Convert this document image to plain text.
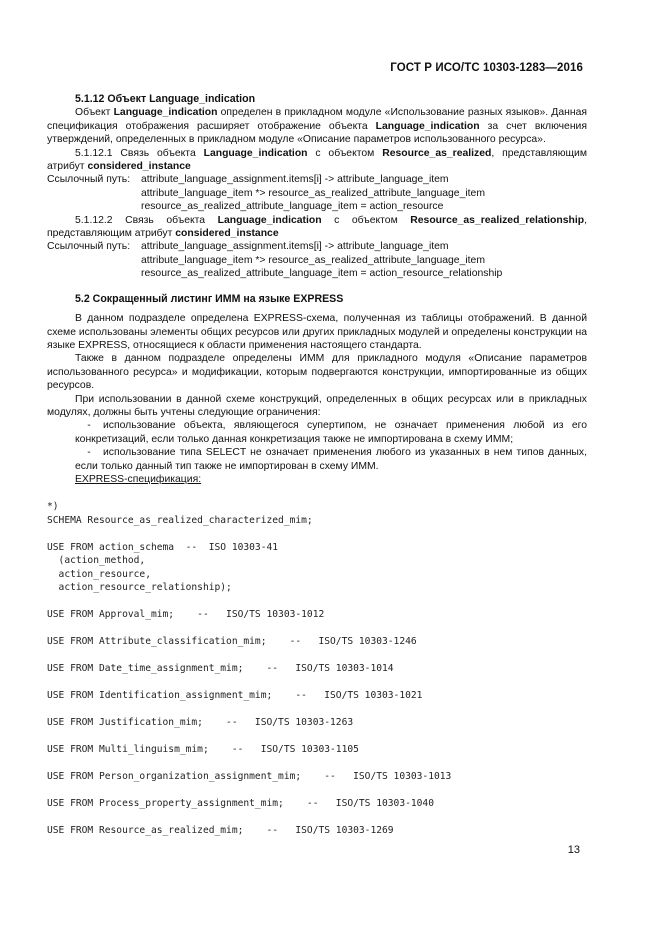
ГОСТ Р ИСО/ТС 10303-1283—2016

5.1.12 Объект Language_indication

Объект Language_indication определен в прикладном модуле «Использование разных языков». Данная спецификация отображения расширяет отображение объекта Language_indication за счет включения утверждений, определенных в прикладном модуле «Описание параметров использованного ресурса».

5.1.12.1 Связь объекта Language_indication с объектом Resource_as_realized, представляющим атрибут considered_instance

Ссылочный путь:	attribute_language_assignment.items[i] -> attribute_language_item
attribute_language_item *> resource_as_realized_attribute_language_item
resource_as_realized_attribute_language_item = action_resource

5.1.12.2 Связь объекта Language_indication с объектом Resource_as_realized_relationship, представляющим атрибут considered_instance

Ссылочный путь:	attribute_language_assignment.items[i] -> attribute_language_item
attribute_language_item *> resource_as_realized_attribute_language_item
resource_as_realized_attribute_language_item = action_resource_relationship

5.2 Сокращенный листинг ИММ на языке EXPRESS

В данном подразделе определена EXPRESS-схема, полученная из таблицы отображений. В данной схеме использованы элементы общих ресурсов или других прикладных модулей и определены конструкции на языке EXPRESS, относящиеся к области применения настоящего стандарта.

Также в данном подразделе определены ИММ для прикладного модуля «Описание параметров использованного ресурса» и модификации, которым подвергаются конструкции, импортированные из общих ресурсов.

При использовании в данной схеме конструкций, определенных в общих ресурсах или в прикладных модулях, должны быть учтены следующие ограничения:

- использование объекта, являющегося супертипом, не означает применения любой из его конкретизаций, если только данная конкретизация также не импортирована в схему ИММ;

- использование типа SELECT не означает применения любого из указанных в нем типов данных, если только данный тип также не импортирован в схему ИММ.

EXPRESS-спецификация:

*)
SCHEMA Resource_as_realized_characterized_mim;
USE FROM action_schema  --  ISO 10303-41
(action_method,
action_resource,
action_resource_relationship);
USE FROM Approval_mim;    --   ISO/TS 10303-1012
USE FROM Attribute_classification_mim;    --   ISO/TS 10303-1246
USE FROM Date_time_assignment_mim;    --   ISO/TS 10303-1014
USE FROM Identification_assignment_mim;    --   ISO/TS 10303-1021
USE FROM Justification_mim;    --   ISO/TS 10303-1263
USE FROM Multi_linguism_mim;    --   ISO/TS 10303-1105
USE FROM Person_organization_assignment_mim;    --   ISO/TS 10303-1013
USE FROM Process_property_assignment_mim;    --   ISO/TS 10303-1040
USE FROM Resource_as_realized_mim;    --   ISO/TS 10303-1269
13
